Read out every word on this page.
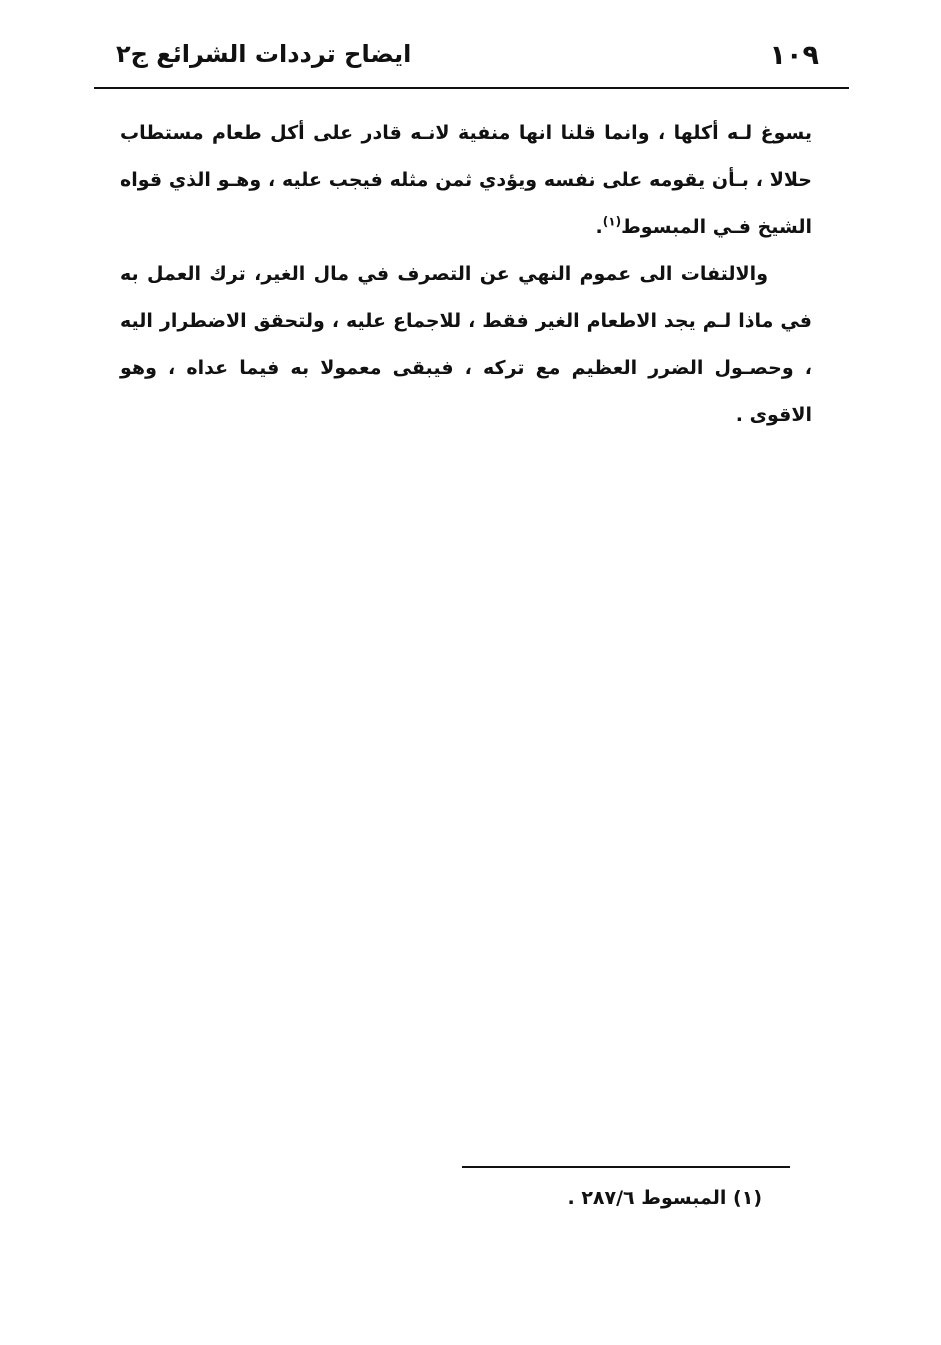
١٠٩
ايضاح ترددات الشرائع ج٢

يسوغ لـه أكلها ، وانما قلنا انها منفية لانـه قادر على أكل طعام مستطاب حلالا ، بـأن يقومه على نفسه ويؤدي ثمن مثله فيجب عليه ، وهـو الذي قواه الشيخ فـي المبسوط$^{(١)}$.

والالتفات الى عموم النهي عن التصرف في مال الغير، ترك العمل به في ماذا لـم يجد الاطعام الغير فقط ، للاجماع عليه ، ولتحقق الاضطرار اليه ، وحصـول الضرر العظيم مع تركه ، فيبقى معمولا به فيما عداه ، وهو الاقوى .

(١) المبسوط ٢٨٧/٦ .
